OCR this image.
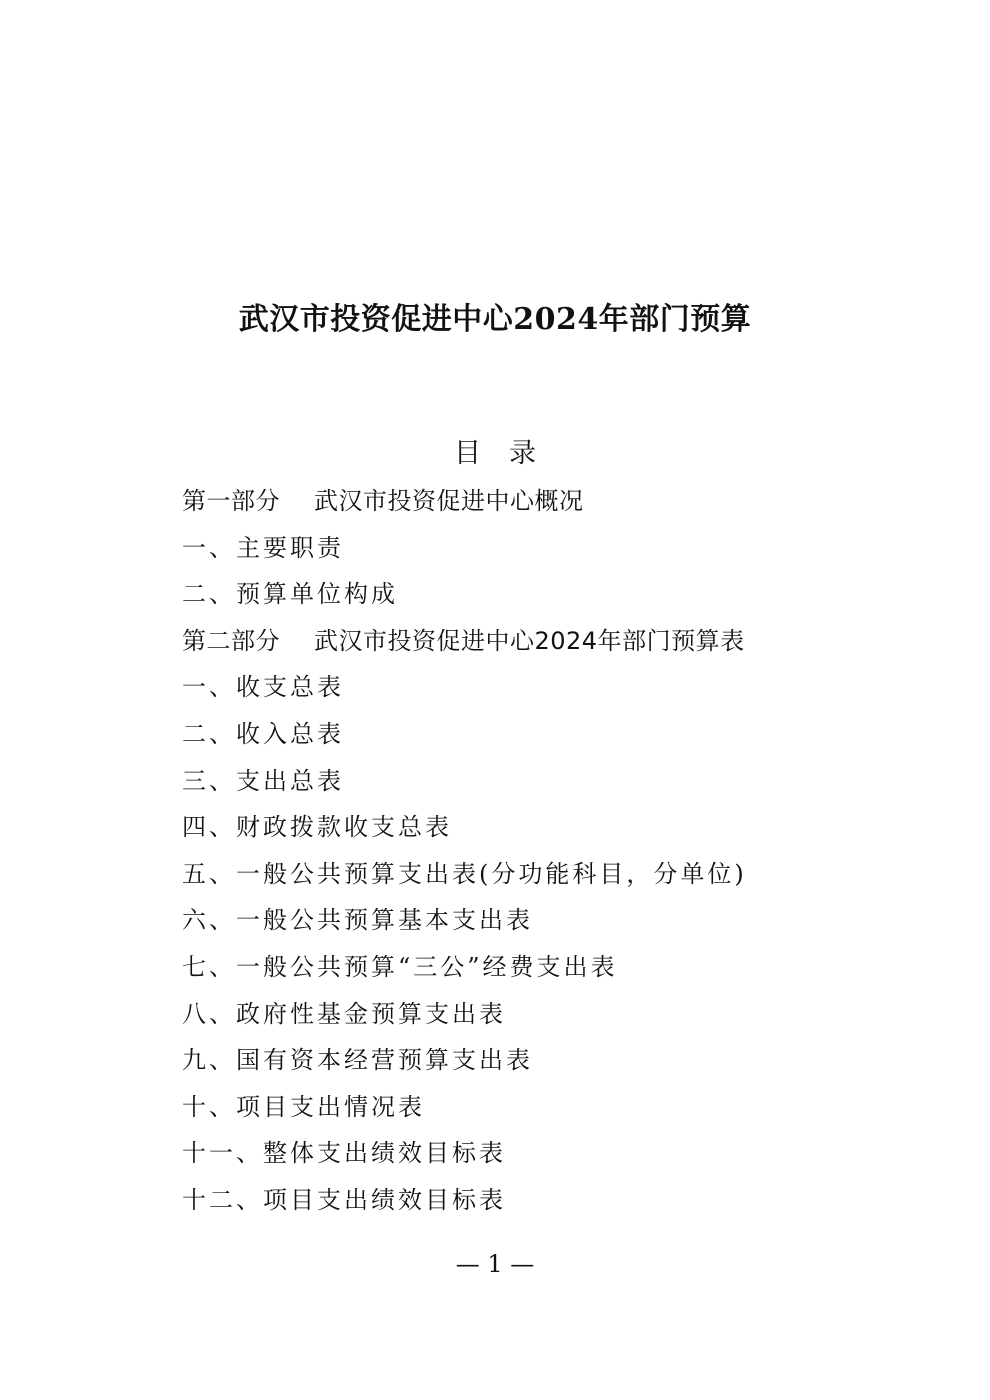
武汉市投资促进中心2024年部门预算
目 录
第一部分 武汉市投资促进中心概况
一、主要职责
二、预算单位构成
第二部分 武汉市投资促进中心2024年部门预算表
一、收支总表
二、收入总表
三、支出总表
四、财政拨款收支总表
五、一般公共预算支出表(分功能科目，分单位)
六、一般公共预算基本支出表
七、一般公共预算“三公”经费支出表
八、政府性基金预算支出表
九、国有资本经营预算支出表
十、项目支出情况表
十一、整体支出绩效目标表
十二、项目支出绩效目标表
— 1 —
